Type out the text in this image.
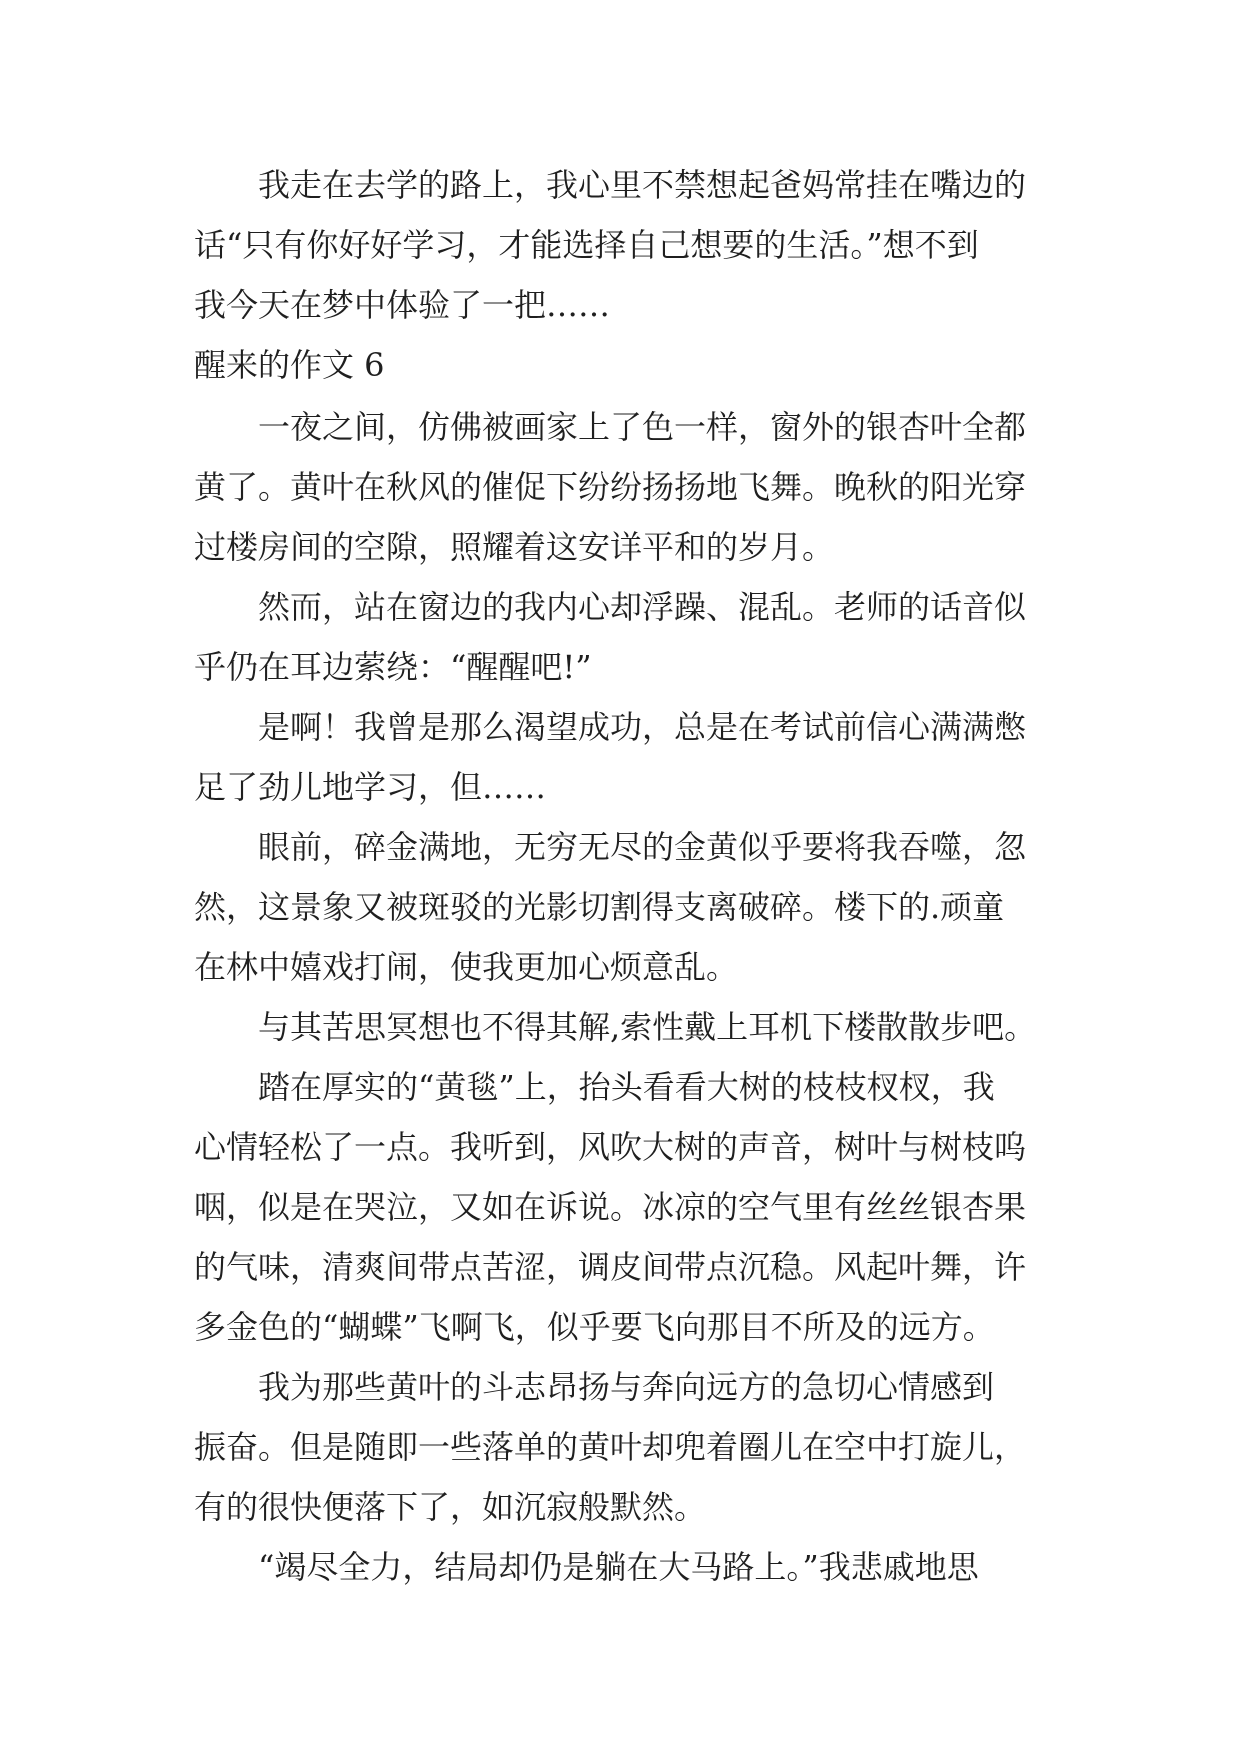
我走在去学的路上，我心里不禁想起爸妈常挂在嘴边的
话“只有你好好学习，才能选择自己想要的生活。”想不到
我今天在梦中体验了一把……
醒来的作文 6
一夜之间，仿佛被画家上了色一样，窗外的银杏叶全都
黄了。黄叶在秋风的催促下纷纷扬扬地飞舞。晚秋的阳光穿
过楼房间的空隙，照耀着这安详平和的岁月。
然而，站在窗边的我内心却浮躁、混乱。老师的话音似
乎仍在耳边萦绕：“醒醒吧!”
是啊！我曾是那么渴望成功，总是在考试前信心满满憋
足了劲儿地学习，但……
眼前，碎金满地，无穷无尽的金黄似乎要将我吞噬，忽
然，这景象又被斑驳的光影切割得支离破碎。楼下的.顽童
在林中嬉戏打闹，使我更加心烦意乱。
与其苦思冥想也不得其解,索性戴上耳机下楼散散步吧。
踏在厚实的“黄毯”上，抬头看看大树的枝枝杈杈，我
心情轻松了一点。我听到，风吹大树的声音，树叶与树枝呜
咽，似是在哭泣，又如在诉说。冰凉的空气里有丝丝银杏果
的气味，清爽间带点苦涩，调皮间带点沉稳。风起叶舞，许
多金色的“蝴蝶”飞啊飞，似乎要飞向那目不所及的远方。
我为那些黄叶的斗志昂扬与奔向远方的急切心情感到
振奋。但是随即一些落单的黄叶却兜着圈儿在空中打旋儿，
有的很快便落下了，如沉寂般默然。
“竭尽全力，结局却仍是躺在大马路上。”我悲戚地思
